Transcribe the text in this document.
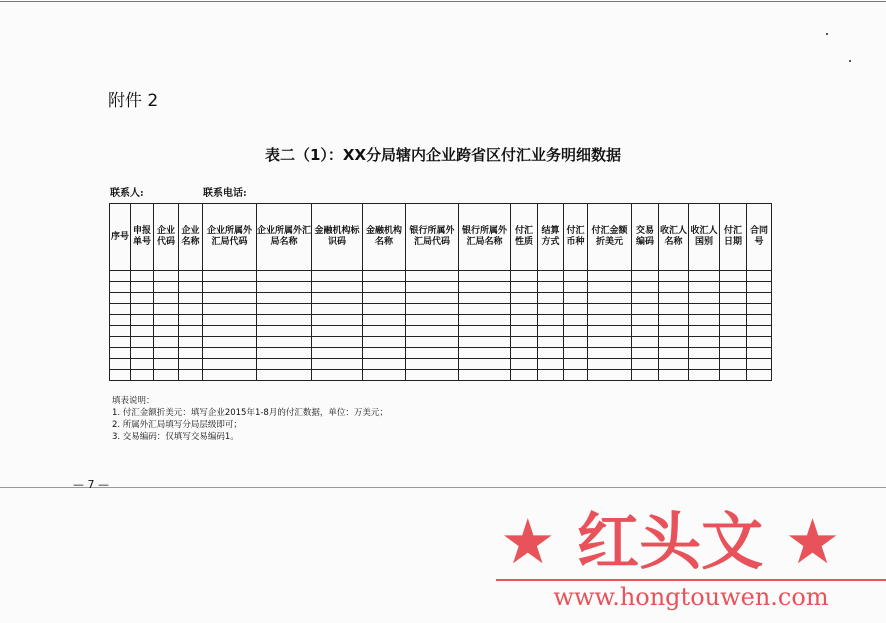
附件 2
表二（1）：XX分局辖内企业跨省区付汇业务明细数据
联系人:	联系电话:
序号	申报单号	企业代码	企业名称	企业所属外汇局代码	企业所属外汇局名称	金融机构标识码	金融机构名称	银行所属外汇局代码	银行所属外汇局名称	付汇性质	结算方式	付汇币种	付汇金额折美元	交易编码	收汇人名称	收汇人国别	付汇日期	合同号

填表说明：
1. 付汇金额折美元：填写企业2015年1-8月的付汇数据，单位：万美元；
2. 所属外汇局填写分局层级即可；
3. 交易编码：仅填写交易编码1。
— 7 —
★ 红头文 ★
www.hongtouwen.com
